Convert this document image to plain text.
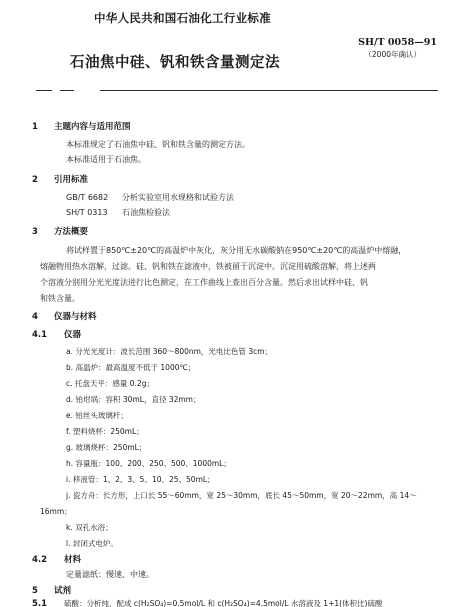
中华人民共和国石油化工行业标准
SH/T 0058—91
（2000年确认）
石油焦中硅、钒和铁含量测定法
1 主题内容与适用范围
本标准规定了石油焦中硅、钒和铁含量的测定方法。
本标准适用于石油焦。
2 引用标准
GB/T 6682 分析实验室用水规格和试验方法
SH/T 0313 石油焦检验法
3 方法概要
将试样置于850℃±20℃的高温炉中灰化，灰分用无水碳酸钠在950℃±20℃的高温炉中熔融，
熔融物用热水溶解，过滤。硅、钒和铁在滤液中，铁被留于沉淀中。沉淀用硫酸溶解，将上述两
个溶液分别用分光光度法进行比色测定，在工作曲线上查出百分含量。然后求出试样中硅、钒
和铁含量。
4 仪器与材料
4.1 仪器
a. 分光光度计：波长范围 360～800nm，光电比色管 3cm；
b. 高温炉：最高温度不低于 1000℃；
c. 托盘天平：感量 0.2g；
d. 铂坩埚：容积 30mL，直径 32mm；
e. 铂丝头玻璃杆；
f. 塑料烧杯：250mL；
g. 玻璃烧杯：250mL；
h. 容量瓶：100、200、250、500、1000mL；
i. 移液管：1、2、3、5、10、25、50mL；
j. 瓷方舟：长方形，上口长 55～60mm，宽 25～30mm，底长 45～50mm，宽 20～22mm，高 14～
16mm；
k. 双孔水浴；
l. 封闭式电炉。
4.2 材料
定量滤纸：慢速、中速。
5 试剂
5.1 硫酸：分析纯，配成 c(H₂SO₄)=0.5mol/L 和 c(H₂SO₄)=4.5mol/L 水溶液及 1+1(体积比)硫酸
